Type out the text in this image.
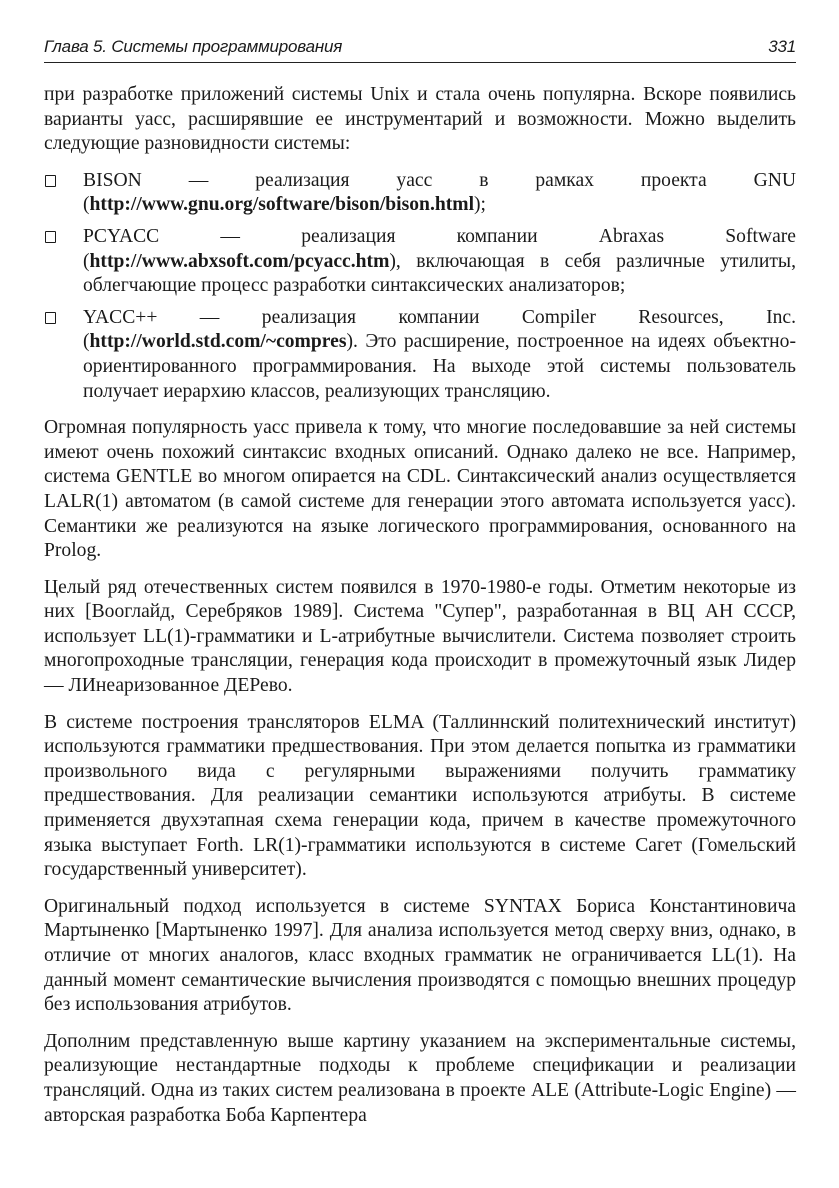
Глава 5. Системы программирования	331

при разработке приложений системы Unix и стала очень популярна. Вскоре появились варианты yacc, расширявшие ее инструментарий и возможности. Можно выделить следующие разновидности системы:

BISON — реализация yacc в рамках проекта GNU (http://www.gnu.org/software/bison/bison.html);
PCYACC — реализация компании Abraxas Software (http://www.abxsoft.com/pcyacc.htm), включающая в себя различные утилиты, облегчающие процесс разработки синтаксических анализаторов;
YACC++ — реализация компании Compiler Resources, Inc. (http://world.std.com/~compres). Это расширение, построенное на идеях объектно-ориентированного программирования. На выходе этой системы пользователь получает иерархию классов, реализующих трансляцию.

Огромная популярность yacc привела к тому, что многие последовавшие за ней системы имеют очень похожий синтаксис входных описаний. Однако далеко не все. Например, система GENTLE во многом опирается на CDL. Синтаксический анализ осуществляется LALR(1) автоматом (в самой системе для генерации этого автомата используется yacc). Семантики же реализуются на языке логического программирования, основанного на Prolog.

Целый ряд отечественных систем появился в 1970-1980-е годы. Отметим некоторые из них [Вооглайд, Серебряков 1989]. Система "Супер", разработанная в ВЦ АН СССР, использует LL(1)-грамматики и L-атрибутные вычислители. Система позволяет строить многопроходные трансляции, генерация кода происходит в промежуточный язык Лидер — ЛИнеаризованное ДЕРево.

В системе построения трансляторов ELMA (Таллиннский политехнический институт) используются грамматики предшествования. При этом делается попытка из грамматики произвольного вида с регулярными выражениями получить грамматику предшествования. Для реализации семантики используются атрибуты. В системе применяется двухэтапная схема генерации кода, причем в качестве промежуточного языка выступает Forth. LR(1)-грамматики используются в системе Сагет (Гомельский государственный университет).

Оригинальный подход используется в системе SYNTAX Бориса Константиновича Мартыненко [Мартыненко 1997]. Для анализа используется метод сверху вниз, однако, в отличие от многих аналогов, класс входных грамматик не ограничивается LL(1). На данный момент семантические вычисления производятся с помощью внешних процедур без использования атрибутов.

Дополним представленную выше картину указанием на экспериментальные системы, реализующие нестандартные подходы к проблеме спецификации и реализации трансляций. Одна из таких систем реализована в проекте ALE (Attribute-Logic Engine) — авторская разработка Боба Карпентера
